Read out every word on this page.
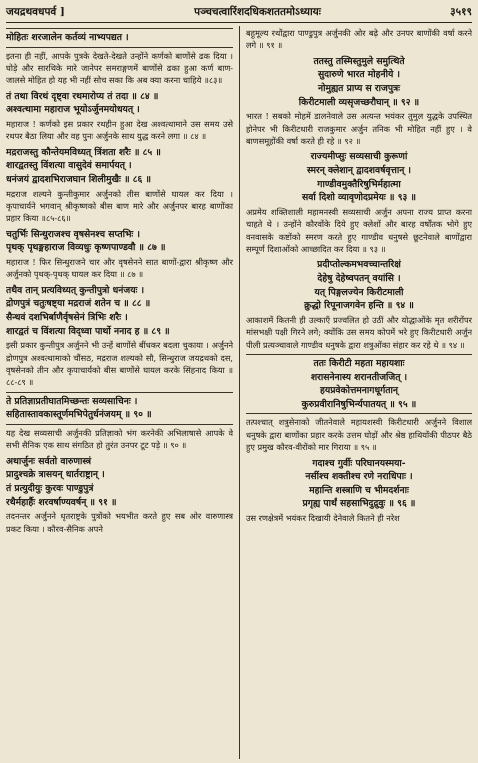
जयद्रथवधपर्व ]	पञ्चचत्वारिंशदधिकशततमोऽध्यायः	३५१९

मोहितः शरजालेन कर्तव्यं नाभ्यपद्यत ।

इतना ही नहीं, आपके पुत्रके देखते-देखते उन्होंने कर्णको बाणोंसे ढक दिया । घोड़े और सारथिके मारे जानेपर समराङ्गणमें बाणोंसे ढका हुआ कर्ण बाण-जालसे मोहित हो यह भी नहीं सोच सका कि अब क्या करना चाहिये ॥८३॥

तं तथा विरथं दृष्ट्वा रथमारोप्य तं तदा ॥ ८४ ॥
अश्वत्थामा महाराज भूयोऽर्जुनमयोधयत् ।

महाराज ! कर्णको इस प्रकार रथहीन हुआ देख अश्वत्थामाने उस समय उसे रथपर बैठा लिया और वह पुनः अर्जुनके साथ युद्ध करने लगा ॥ ८४ ॥

मद्रराजस्तु कौन्तेयमविध्यत् त्रिंशता शरैः ॥ ८५ ॥
शारद्वतस्तु विंशत्या वासुदेवं समार्पयत् ।
धनंजयं द्वादशभिराजघान शिलीमुखैः ॥ ८६ ॥

मद्रराज शल्यने कुन्तीकुमार अर्जुनको तीस बाणोंसे घायल कर दिया । कृपाचार्यने भगवान् श्रीकृष्णको बीस बाण मारे और अर्जुनपर बारह बाणोंका प्रहार किया ॥८५-८६॥

चतुर्भिः सिन्धुराजश्च वृषसेनश्च सप्तभिः ।
पृथक् पृथङ्महाराज विव्यधुः कृष्णपाण्डवौ ॥ ८७ ॥

महाराज ! फिर सिन्धुराजने चार और वृषसेनने सात बाणों-द्वारा श्रीकृष्ण और अर्जुनको पृथक्-पृथक् घायल कर दिया ॥ ८७ ॥

तथैव तान् प्रत्यविध्यत् कुन्तीपुत्रो धनंजयः ।
द्रोणपुत्रं चतुःषष्ट्या मद्रराजं शतेन च ॥ ८८ ॥
सैन्धवं दशभिर्बाणैर्वृषसेनं त्रिभिः शरैः ।
शारद्वतं च विंशत्या विद्ध्वा पार्थो ननाद ह ॥ ८९ ॥

इसी प्रकार कुन्तीपुत्र अर्जुनने भी उन्हें बाणोंसे बींधकर बदला चुकाया । अर्जुनने द्रोणपुत्र अश्वत्थामाको चौंसठ, मद्रराज शल्यको सौ, सिन्धुराज जयद्रथको दस, वृषसेनको तीन और कृपाचार्यको बीस बाणोंसे घायल करके सिंहनाद किया ॥ ८८-८९ ॥

ते प्रतिज्ञाप्रतीघातमिच्छन्तः सव्यसाचिनः ।
सहितास्तावकास्तूर्णमभिपेतुर्धनंजयम् ॥ ९० ॥

यह देख सव्यसाची अर्जुनकी प्रतिज्ञाको भंग करनेकी अभिलाषासे आपके वे सभी सैनिक एक साथ संगठित हो तुरंत उनपर टूट पड़े ॥ ९० ॥

अथार्जुनः सर्वतो वारुणास्त्रं
प्रादुश्चक्रे त्रासयन् धार्तराष्ट्रान् ।
तं प्रत्युदीयुः कुरवः पाण्डुपुत्रं
रथैर्महार्हैः शरवर्षाण्यवर्षन् ॥ ९१ ॥

तदनन्तर अर्जुनने धृतराष्ट्रके पुत्रोंको भयभीत करते हुए सब ओर वारुणास्त्र प्रकट किया । कौरव-सैनिक अपने

बहुमूल्य रथोंद्वारा पाण्डुपुत्र अर्जुनकी ओर बढ़े और उनपर बाणोंकी वर्षा करने लगे ॥ ९१ ॥

ततस्तु तस्मिस्तुमुले समुत्थिते
सुदारुणे भारत मोहनीये ।
नोमुह्यत प्राप्य स राजपुत्रः
किरीटमाली व्यसृजच्छरौघान् ॥ ९२ ॥

भारत ! सबको मोहमें डालनेवाले उस अत्यन्त भयंकर तुमुल युद्धके उपस्थित होनेपर भी किरीटधारी राजकुमार अर्जुन तनिक भी मोहित नहीं हुए । वे बाणसमूहोंकी वर्षा करते ही रहे ॥ ९२ ॥

राज्यमीप्सुः सव्यसाची कुरूणां
स्मरन् क्लेशान् द्वादशवर्षवृत्तान् ।
गाण्डीवमुक्तैरिषुभिर्महात्मा
सर्वा दिशो व्यावृणोदप्रमेयः ॥ ९३ ॥

अप्रमेय शक्तिशाली महामनस्वी सव्यसाची अर्जुन अपना राज्य प्राप्त करना चाहते थे । उन्होंने कौरवोंके दिये हुए क्लेशों और बारह वर्षोंतक भोगे हुए वनवासके कष्टोंको स्मरण करते हुए गाण्डीव धनुषसे छूटनेवाले बाणोंद्वारा सम्पूर्ण दिशाओंको आच्छादित कर दिया ॥ ९३ ॥

प्रदीप्तोल्कमभवच्चान्तरिक्षं
देहेषु देहेष्वपतन् वयांसि ।
यत् पिङ्गलज्येन किरीटमाली
क्रुद्धो रिपूनाजगवेन हन्ति ॥ ९४ ॥

आकाशमें कितनी ही उल्काएँ प्रज्वलित हो उठीं और योद्धाओंके मृत शरीरोंपर मांसभक्षी पक्षी गिरने लगे; क्योंकि उस समय कोपमें भरे हुए किरीटधारी अर्जुन पीली प्रत्यञ्चावाले गाण्डीव धनुषके द्वारा शत्रुओंका संहार कर रहे थे ॥ ९४ ॥

ततः किरीटी महता महायशाः
शरासनेनास्य शरानतीजजित् ।
हयप्रवेकोत्तमनागधूर्गतान्
कुरुप्रवीरानिषुभिर्न्यपातयत् ॥ ९५ ॥

तत्पश्चात् शत्रुसेनाको जीतनेवाले महायशस्वी किरीटधारी अर्जुनने विशाल धनुषके द्वारा बाणोंका प्रहार करके उत्तम घोड़ों और श्रेष्ठ हाथियोंकी पीठपर बैठे हुए प्रमुख कौरव-वीरोंको मार गिराया ॥ ९५ ॥

गदाश्च गुर्वीः परिघानयस्मया-
नसींश्च शक्तीश्च रणे नराधिपाः ।
महान्ति शस्त्राणि च भीमदर्शनाः
प्रगृह्य पार्थं सहसाभिदुद्रुवुः ॥ ९६ ॥

उस रणक्षेत्रमें भयंकर दिखायी देनेवाले कितने ही नरेश
